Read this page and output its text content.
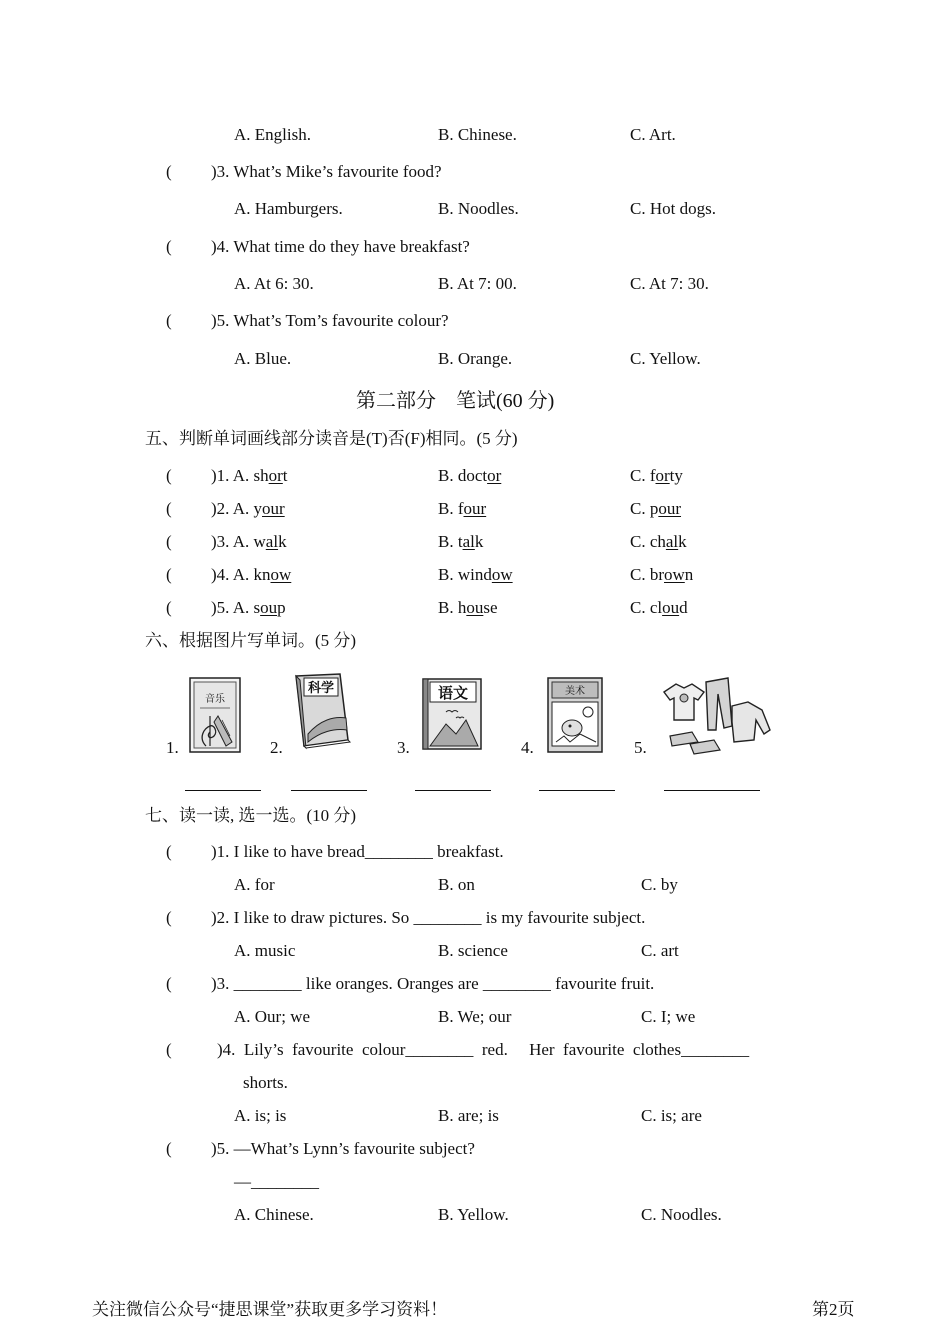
A. English.	B. Chinese.	C. Art.
( )3. What’s Mike’s favourite food?
A. Hamburgers.	B. Noodles.	C. Hot dogs.
( )4. What time do they have breakfast?
A. At 6: 30.	B. At 7: 00.	C. At 7: 30.
( )5. What’s Tom’s favourite colour?
A. Blue.	B. Orange.	C. Yellow.
第二部分　笔试(60 分)
五、判断单词画线部分读音是(T)否(F)相同。(5 分)
( )1. A. short	B. doctor	C. forty
( )2. A. your	B. four	C. pour
( )3. A. walk	B. talk	C. chalk
( )4. A. know	B. window	C. brown
( )5. A. soup	B. house	C. cloud
六、根据图片写单词。(5 分)
1.	2.	3.	4.	5.
音乐
科学	语文	美术
七、读一读, 选一选。(10 分)
( )1. I like to have bread________ breakfast.
A. for	B. on	C. by
( )2. I like to draw pictures. So ________ is my favourite subject.
A. music	B. science	C. art
( )3. ________ like oranges. Oranges are ________ favourite fruit.
A. Our; we	B. We; our	C. I; we
(	)4.  Lily’s  favourite  colour________  red.     Her  favourite  clothes________
shorts.
A. is; is	B. are; is	C. is; are
( )5. —What’s Lynn’s favourite subject?
—________
A. Chinese.	B. Yellow.	C. Noodles.
关注微信公众号“捷思课堂”获取更多学习资料！	第2页
